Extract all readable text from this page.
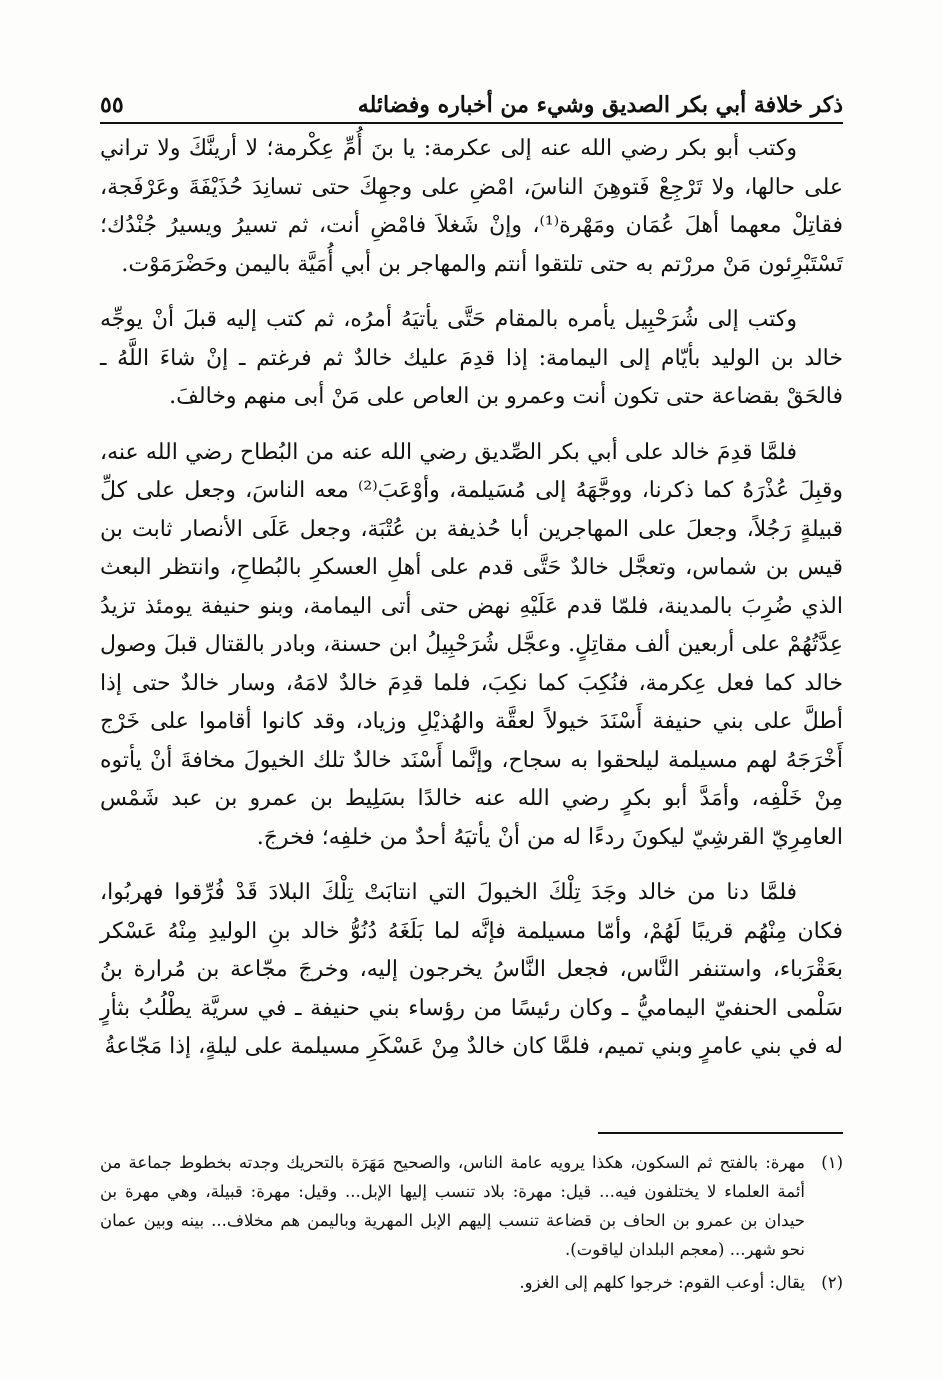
ذكر خلافة أبي بكر الصديق وشيء من أخباره وفضائله
٥٥

وكتب أبو بكر رضي الله عنه إلى عكرمة: يا بنَ أُمِّ عِكْرمة؛ لا أرينَّكَ ولا تراني على حالها، ولا تَرْجِعْ فَتوهِنَ الناسَ، امْضِ على وجهِكَ حتى تسانِدَ حُذَيْفَةَ وعَرْفَجة، فقاتِلْ معهما أهلَ عُمَان ومَهْرة⁽¹⁾، وإنْ شَغلاَ فامْضِ أنت، ثم تسيرُ ويسيرُ جُنْدُك؛ تَسْتَبْرِئون مَنْ مررْتم به حتى تلتقوا أنتم والمهاجر بن أبي أُمَيَّة باليمن وحَضْرَمَوْت.

وكتب إلى شُرَحْبِيل يأمره بالمقام حَتَّى يأتيَهُ أمرُه، ثم كتب إليه قبلَ أنْ يوجِّه خالد بن الوليد بأيّام إلى اليمامة: إذا قدِمَ عليك خالدٌ ثم فرغتم ـ إنْ شاءَ اللَّهُ ـ فالحَقْ بقضاعة حتى تكون أنت وعمرو بن العاص على مَنْ أبى منهم وخالفَ.

فلمَّا قدِمَ خالد على أبي بكر الصِّديق رضي الله عنه من البُطاح رضي الله عنه، وقبِلَ عُذْرَهُ كما ذكرنا، ووجَّهَهُ إلى مُسَيلمة، وأوْعَبَ⁽²⁾ معه الناسَ، وجعل على كلِّ قبيلةٍ رَجُلاً، وجعلَ على المهاجرين أبا حُذيفة بن عُتْبَة، وجعل عَلَى الأنصار ثابت بن قيس بن شماس، وتعجَّل خالدٌ حَتَّى قدم على أهلِ العسكرِ بالبُطاحِ، وانتظر البعث الذي ضُرِبَ بالمدينة، فلمّا قدم عَلَيْهِ نهض حتى أتى اليمامة، وبنو حنيفة يومئذ تزيدُ عِدَّتُهُمْ على أربعين ألف مقاتِلٍ. وعجَّل شُرَحْبِيلُ ابن حسنة، وبادر بالقتال قبلَ وصول خالد كما فعل عِكرمة، فنُكِبَ كما نكِبَ، فلما قدِمَ خالدٌ لامَهُ، وسار خالدٌ حتى إذا أطلَّ على بني حنيفة أَسْنَدَ خيولاً لعقَّة والهُذيْلِ وزياد، وقد كانوا أقاموا على خَرْج أَخْرَجَهُ لهم مسيلمة ليلحقوا به سجاح، وإنَّما أَسْنَد خالدٌ تلك الخيولَ مخافةَ أنْ يأتوه مِنْ خَلْفِه، وأمَدَّ أبو بكرٍ رضي الله عنه خالدًا بسَلِيط بن عمرو بن عبد شَمْس العامِرِيّ القرشِيّ ليكونَ ردءًا له من أنْ يأتيَهُ أحدٌ من خلفِه؛ فخرجَ.

فلمَّا دنا من خالد وجَدَ تِلْكَ الخيولَ التي انتابَتْ تِلْكَ البلادَ قَدْ فُرِّقوا فهربُوا، فكان مِنْهُم قريبًا لَهُمْ، وأمّا مسيلمة فإنَّه لما بَلَغَهُ دُنُوُّ خالد بنِ الوليدِ مِنْهُ عَسْكر بعَقْرَباء، واستنفر النَّاس، فجعل النَّاسُ يخرجون إليه، وخرجَ مجّاعة بن مُرارة بنُ سَلْمى الحنفيّ اليماميُّ ـ وكان رئيسًا من رؤساء بني حنيفة ـ في سريَّة يطْلُبُ بثأرٍ له في بني عامرٍ وبني تميم، فلمَّا كان خالدٌ مِنْ عَسْكَرِ مسيلمة على ليلةٍ، إذا مَجّاعةُ

(١)
مهرة: بالفتح ثم السكون، هكذا يرويه عامة الناس، والصحيح مَهَرَة بالتحريك وجدته بخطوط جماعة من أئمة العلماء لا يختلفون فيه... قيل: مهرة: بلاد تنسب إليها الإبل... وقيل: مهرة: قبيلة، وهي مهرة بن حيدان بن عمرو بن الحاف بن قضاعة تنسب إليهم الإبل المهرية وباليمن هم مخلاف... بينه وبين عمان نحو شهر... (معجم البلدان لياقوت).
(٢)
يقال: أوعب القوم: خرجوا كلهم إلى الغزو.
